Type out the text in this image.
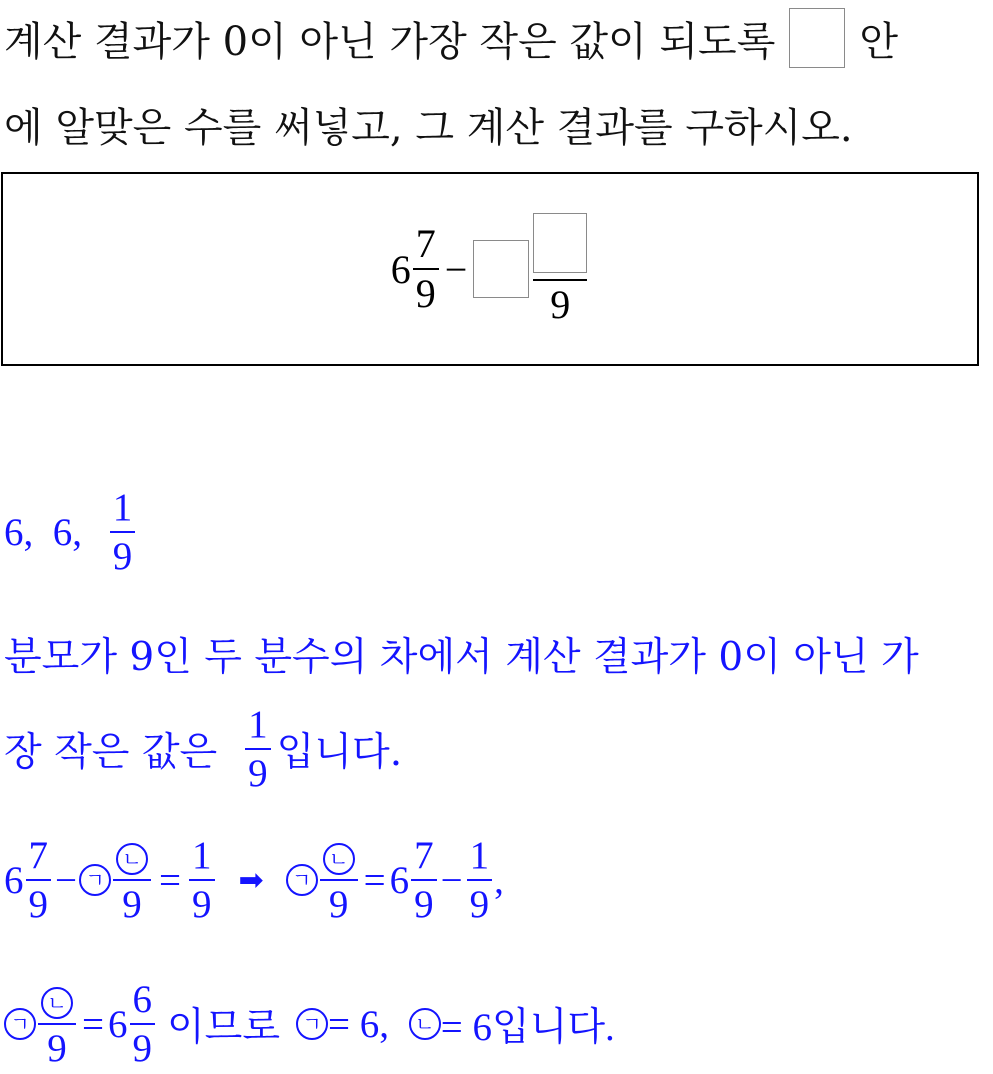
계산 결과가 0이 아닌 가장 작은 값이 되도록 안
에 알맞은 수를 써넣고, 그 계산 결과를 구하시오.
$6 \frac{7}{9}$ −
9
6,  6, $\frac{1}{9}$
분모가 9인 두 분수의 차에서 계산 결과가 0이 아닌 가
장 작은 값은 $\frac{1}{9}$ 입니다.
$6 \frac{7}{9}$ − ㄱ $\frac{\text{ㄴ}}{9} = \frac{1}{9}$ ➡	ㄱ $\frac{\text{ㄴ}}{9} = 6 \frac{7}{9} - \frac{1}{9}$ ,
ㄱ $\frac{\text{ㄴ}}{9} = 6 \frac{6}{9}$ 이므로	ㄱ = 6, ㄴ = 6입니다.
